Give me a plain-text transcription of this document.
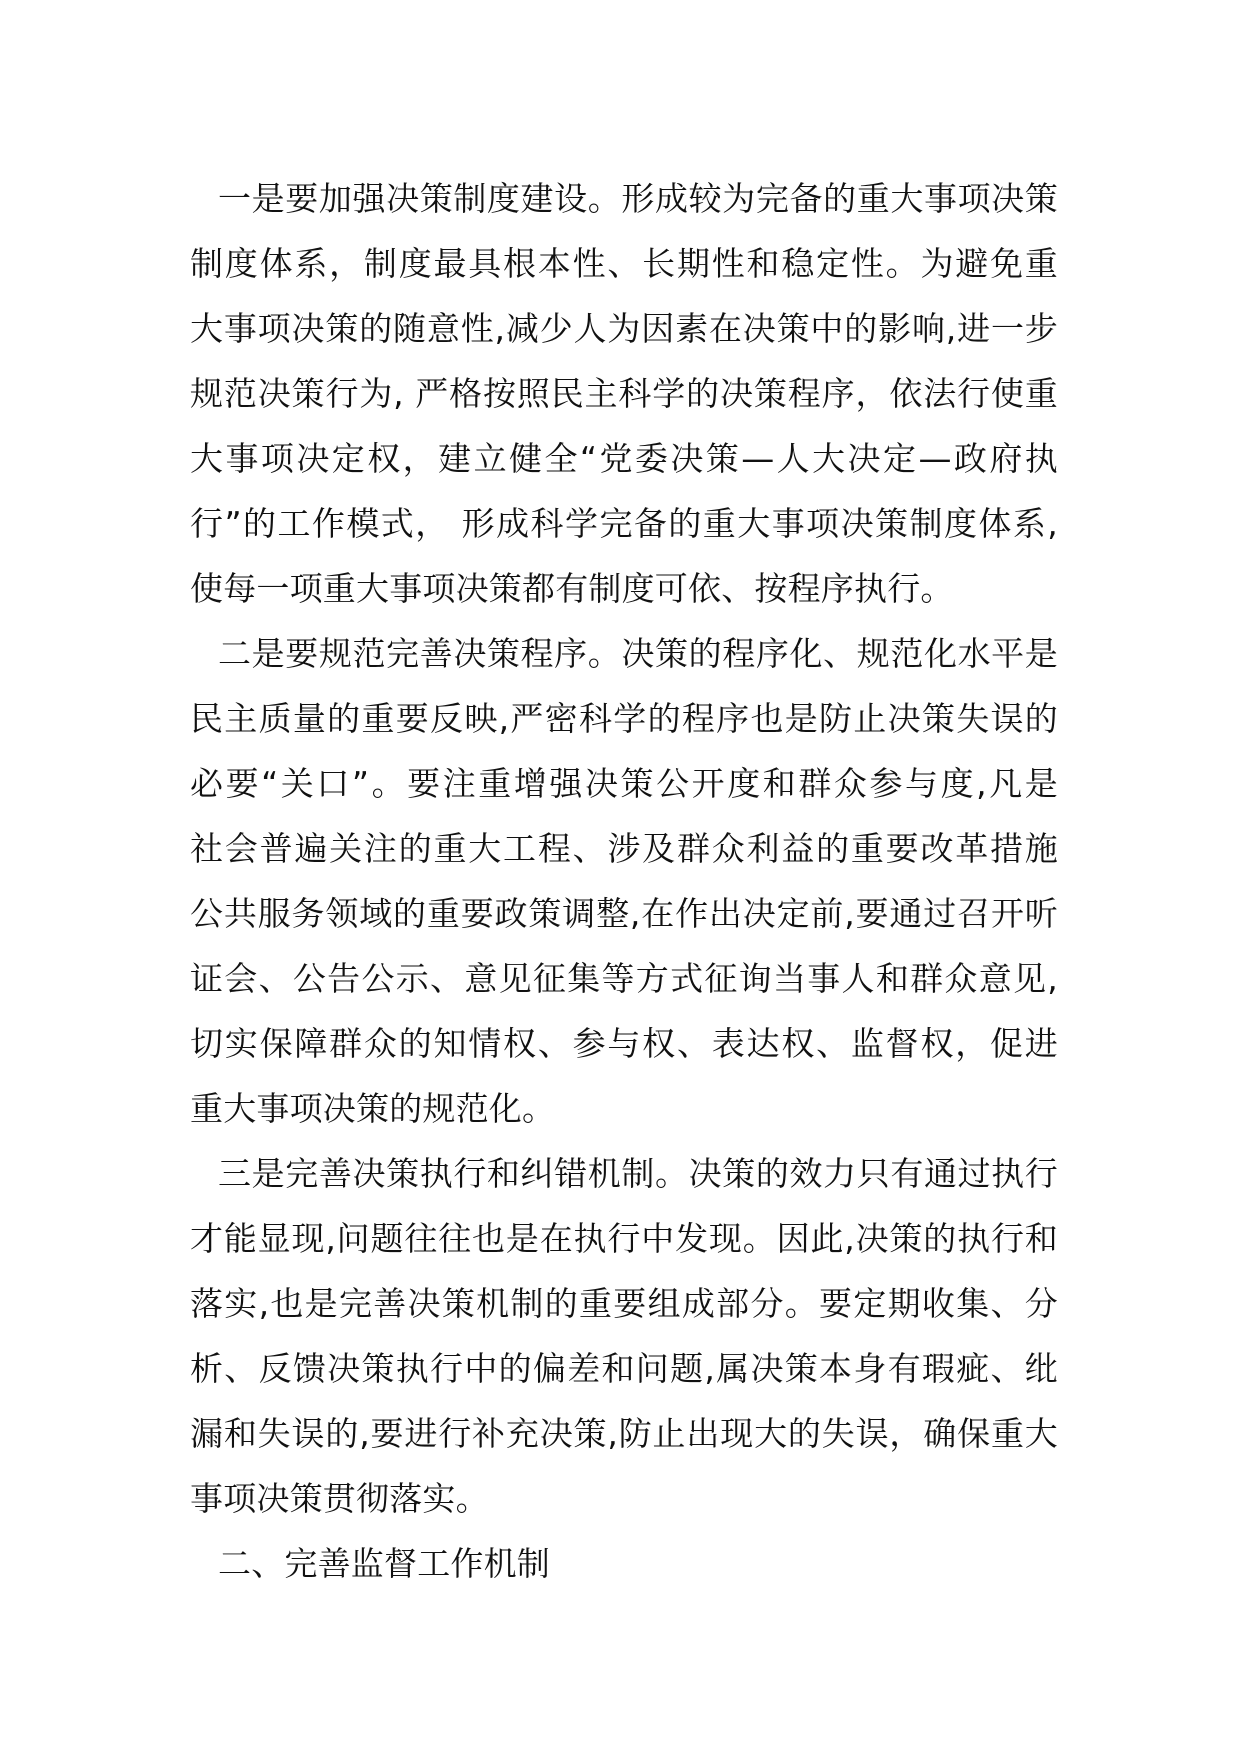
一是要加强决策制度建设。形成较为完备的重大事项决策
制度体系，制度最具根本性、长期性和稳定性。为避免重
大事项决策的随意性,减少人为因素在决策中的影响,进一步
规范决策行为, 严格按照民主科学的决策程序，依法行使重
大事项决定权，建立健全“党委决策—人大决定—政府执
行”的工作模式， 形成科学完备的重大事项决策制度体系,
使每一项重大事项决策都有制度可依、按程序执行。
二是要规范完善决策程序。决策的程序化、规范化水平是
民主质量的重要反映,严密科学的程序也是防止决策失误的
必要“关口”。要注重增强决策公开度和群众参与度,凡是
社会普遍关注的重大工程、涉及群众利益的重要改革措施
公共服务领域的重要政策调整,在作出决定前,要通过召开听
证会、公告公示、意见征集等方式征询当事人和群众意见,
切实保障群众的知情权、参与权、表达权、监督权，促进
重大事项决策的规范化。
三是完善决策执行和纠错机制。决策的效力只有通过执行
才能显现,问题往往也是在执行中发现。因此,决策的执行和
落实,也是完善决策机制的重要组成部分。要定期收集、分
析、反馈决策执行中的偏差和问题,属决策本身有瑕疵、纰
漏和失误的,要进行补充决策,防止出现大的失误，确保重大
事项决策贯彻落实。
二、完善监督工作机制
